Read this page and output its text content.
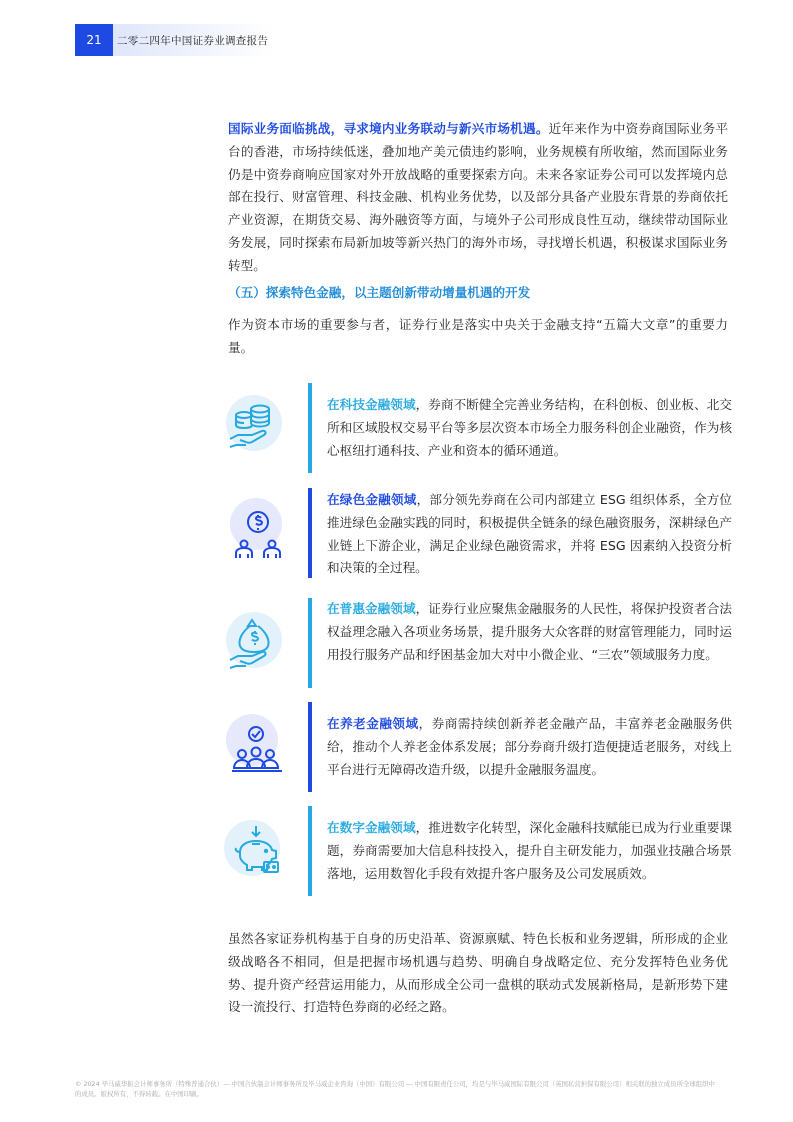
21	二零二四年中国证券业调查报告

国际业务面临挑战，寻求境内业务联动与新兴市场机遇。近年来作为中资券商国际业务平台的香港，市场持续低迷，叠加地产美元债违约影响，业务规模有所收缩，然而国际业务仍是中资券商响应国家对外开放战略的重要探索方向。未来各家证券公司可以发挥境内总部在投行、财富管理、科技金融、机构业务优势，以及部分具备产业股东背景的券商依托产业资源，在期货交易、海外融资等方面，与境外子公司形成良性互动，继续带动国际业务发展，同时探索布局新加坡等新兴热门的海外市场，寻找增长机遇，积极谋求国际业务转型。

（五）探索特色金融，以主题创新带动增量机遇的开发

作为资本市场的重要参与者，证券行业是落实中央关于金融支持“五篇大文章”的重要力量。

在科技金融领域，券商不断健全完善业务结构，在科创板、创业板、北交所和区域股权交易平台等多层次资本市场全力服务科创企业融资，作为核心枢纽打通科技、产业和资本的循环通道。

在绿色金融领域，部分领先券商在公司内部建立 ESG 组织体系，全方位推进绿色金融实践的同时，积极提供全链条的绿色融资服务，深耕绿色产业链上下游企业，满足企业绿色融资需求，并将 ESG 因素纳入投资分析和决策的全过程。

在普惠金融领域，证券行业应聚焦金融服务的人民性，将保护投资者合法权益理念融入各项业务场景，提升服务大众客群的财富管理能力，同时运用投行服务产品和纾困基金加大对中小微企业、“三农”领域服务力度。

在养老金融领域，券商需持续创新养老金融产品，丰富养老金融服务供给，推动个人养老金体系发展；部分券商升级打造便捷适老服务，对线上平台进行无障碍改造升级，以提升金融服务温度。

在数字金融领域，推进数字化转型，深化金融科技赋能已成为行业重要课题，券商需要加大信息科技投入，提升自主研发能力，加强业技融合场景落地，运用数智化手段有效提升客户服务及公司发展质效。

虽然各家证券机构基于自身的历史沿革、资源禀赋、特色长板和业务逻辑，所形成的企业级战略各不相同，但是把握市场机遇与趋势、明确自身战略定位、充分发挥特色业务优势、提升资产经营运用能力，从而形成全公司一盘棋的联动式发展新格局，是新形势下建设一流投行、打造特色券商的必经之路。

© 2024 毕马威华振会计师事务所（特殊普通合伙）— 中国合伙制会计师事务所及毕马威企业咨询（中国）有限公司 — 中国有限责任公司，均是与毕马威国际有限公司（英国私营担保有限公司）相关联的独立成员所全球组织中的成员。版权所有，不得转载。在中国印刷。
